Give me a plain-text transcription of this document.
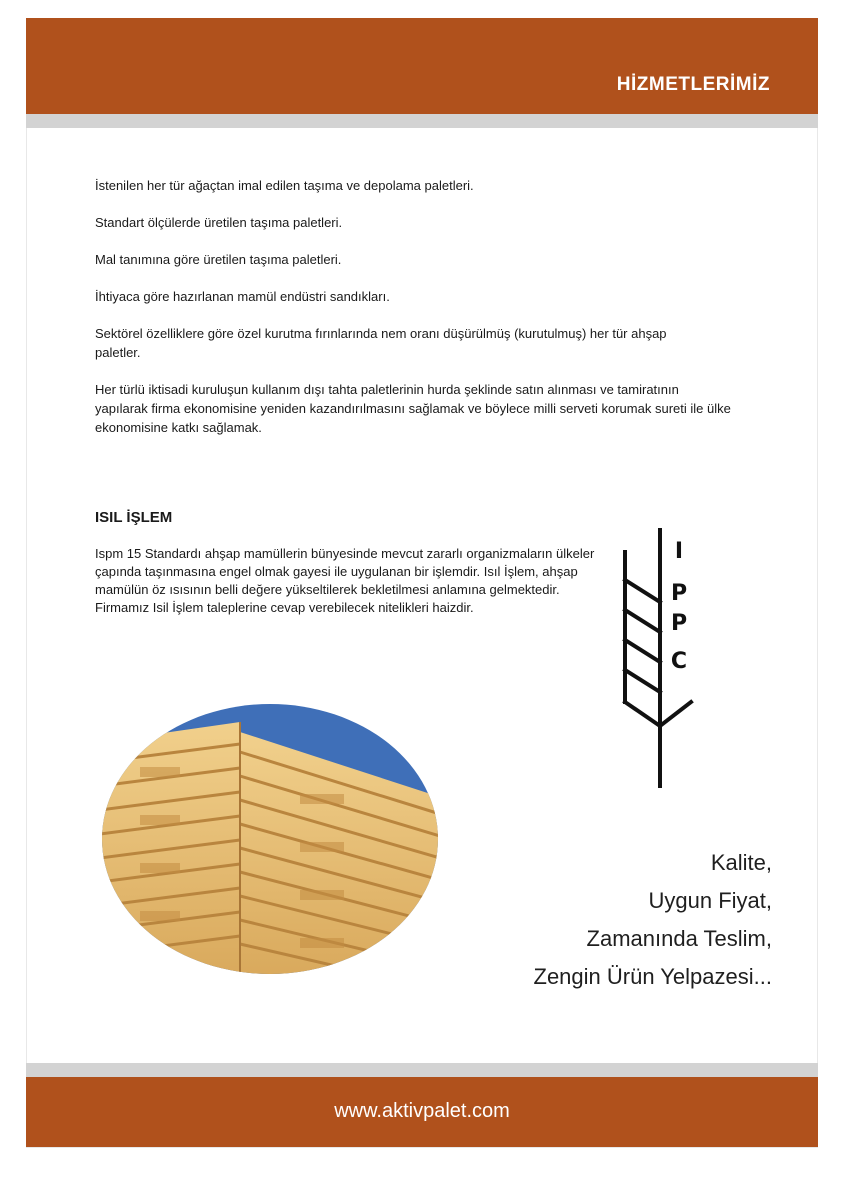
HİZMETLERİMİZ

İstenilen her tür ağaçtan imal edilen taşıma ve depolama paletleri.

Standart ölçülerde üretilen taşıma paletleri.

Mal tanımına göre üretilen taşıma paletleri.

İhtiyaca göre hazırlanan mamül endüstri sandıkları.

Sektörel özelliklere göre özel kurutma fırınlarında nem oranı düşürülmüş (kurutulmuş) her tür ahşap paletler.

Her türlü iktisadi kuruluşun kullanım dışı tahta paletlerinin hurda şeklinde satın alınması ve tamiratının yapılarak firma ekonomisine yeniden kazandırılmasını sağlamak ve böylece milli serveti korumak sureti ile ülke ekonomisine katkı sağlamak.

ISIL İŞLEM

Ispm 15 Standardı ahşap mamüllerin bünyesinde mevcut zararlı organizmaların ülkeler çapında taşınmasına engel olmak gayesi ile uygulanan bir işlemdir. Isıl İşlem, ahşap mamülün öz ısısının belli değere yükseltilerek bekletilmesi anlamına gelmektedir. Firmamız Isil İşlem taleplerine cevap verebilecek nitelikleri haizdir.

I
P
P
C
Kalite,
Uygun Fiyat,
Zamanında Teslim,
Zengin Ürün Yelpazesi...
www.aktivpalet.com
